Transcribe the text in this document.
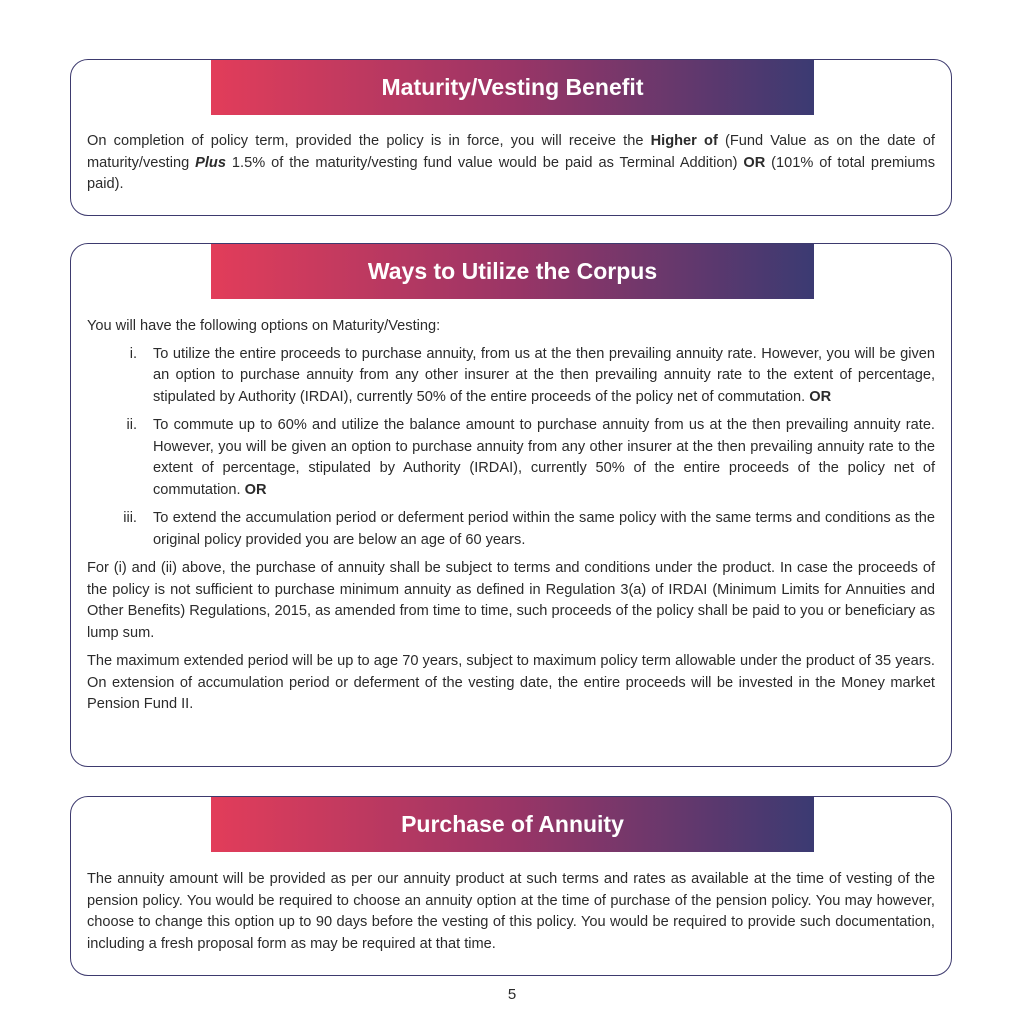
Maturity/Vesting Benefit

On completion of policy term, provided the policy is in force, you will receive the Higher of (Fund Value as on the date of maturity/vesting Plus 1.5% of the maturity/vesting fund value would be paid as Terminal Addition) OR (101% of total premiums paid).

Ways to Utilize the Corpus

You will have the following options on Maturity/Vesting:

i.	To utilize the entire proceeds to purchase annuity, from us at the then prevailing annuity rate. However, you will be given an option to purchase annuity from any other insurer at the then prevailing annuity rate to the extent of percentage, stipulated by Authority (IRDAI), currently 50% of the entire proceeds of the policy net of commutation. OR
ii.	To commute up to 60% and utilize the balance amount to purchase annuity from us at the then prevailing annuity rate. However, you will be given an option to purchase annuity from any other insurer at the then prevailing annuity rate to the extent of percentage, stipulated by Authority (IRDAI), currently 50% of the entire proceeds of the policy net of commutation. OR
iii.	To extend the accumulation period or deferment period within the same policy with the same terms and conditions as the original policy provided you are below an age of 60 years.

For (i) and (ii) above, the purchase of annuity shall be subject to terms and conditions under the product. In case the proceeds of the policy is not sufficient to purchase minimum annuity as defined in Regulation 3(a) of IRDAI (Minimum Limits for Annuities and Other Benefits) Regulations, 2015, as amended from time to time, such proceeds of the policy shall be paid to you or beneficiary as lump sum.

The maximum extended period will be up to age 70 years, subject to maximum policy term allowable under the product of 35 years. On extension of accumulation period or deferment of the vesting date, the entire proceeds will be invested in the Money market Pension Fund II.

Purchase of Annuity

The annuity amount will be provided as per our annuity product at such terms and rates as available at the time of vesting of the pension policy. You would be required to choose an annuity option at the time of purchase of the pension policy. You may however, choose to change this option up to 90 days before the vesting of this policy. You would be required to provide such documentation, including a fresh proposal form as may be required at that time.

5
